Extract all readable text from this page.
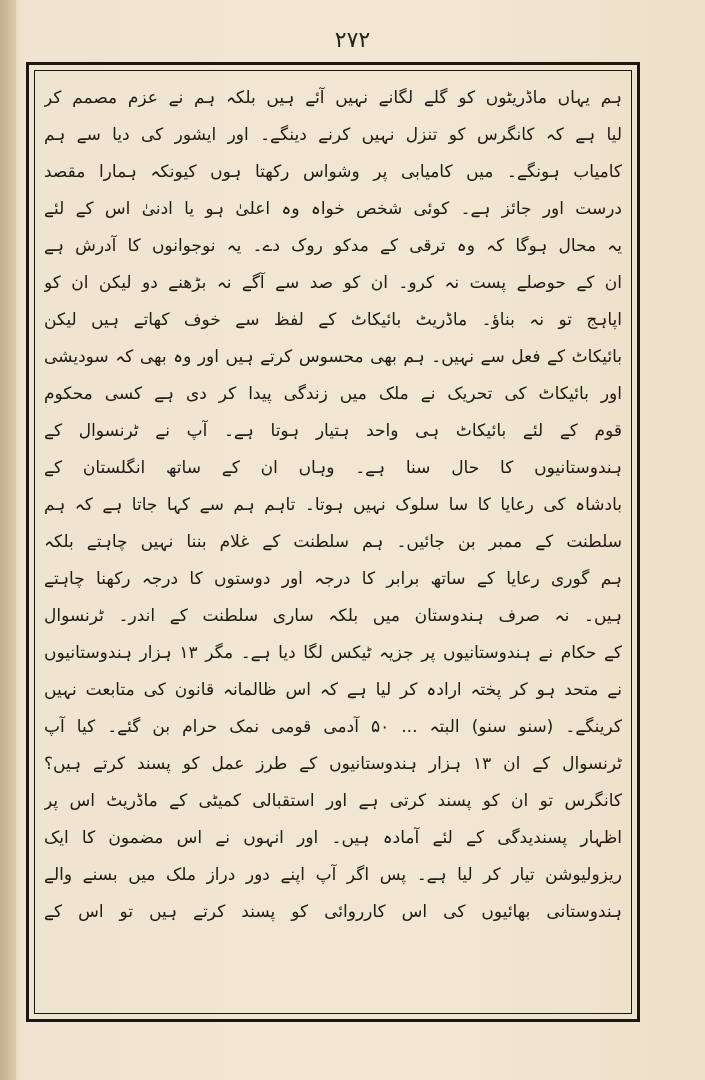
۲۷۲
ہم یہاں ماڈریٹوں کو گلے لگانے نہیں آئے ہیں بلکہ ہم نے عزم مصمم کر
لیا ہے کہ کانگرس کو تنزل نہیں کرنے دینگے۔ اور ایشور کی دیا سے ہم
کامیاب ہونگے۔ میں کامیابی پر وشواس رکھتا ہوں کیونکہ ہمارا مقصد
درست اور جائز ہے۔ کوئی شخص خواہ وہ اعلیٰ ہو یا ادنیٰ اس کے لئے
یہ محال ہوگا کہ وہ ترقی کے مدکو روک دے۔ یہ نوجوانوں کا آدرش ہے
ان کے حوصلے پست نہ کرو۔ ان کو صد سے آگے نہ بڑھنے دو لیکن ان کو
اپاہج تو نہ بناؤ۔ ماڈریٹ بائیکاٹ کے لفظ سے خوف کھاتے ہیں لیکن
بائیکاٹ کے فعل سے نہیں۔ ہم بھی محسوس کرتے ہیں اور وہ بھی کہ سودیشی
اور بائیکاٹ کی تحریک نے ملک میں زندگی پیدا کر دی ہے کسی محکوم
قوم کے لئے بائیکاٹ ہی واحد ہتیار ہوتا ہے۔ آپ نے ٹرنسوال کے
ہندوستانیوں کا حال سنا ہے۔ وہاں ان کے ساتھ انگلستان کے
بادشاہ کی رعایا کا سا سلوک نہیں ہوتا۔ تاہم ہم سے کہا جاتا ہے کہ ہم
سلطنت کے ممبر بن جائیں۔ ہم سلطنت کے غلام بننا نہیں چاہتے بلکہ
ہم گوری رعایا کے ساتھ برابر کا درجہ اور دوستوں کا درجہ رکھنا چاہتے
ہیں۔ نہ صرف ہندوستان میں بلکہ ساری سلطنت کے اندر۔ ٹرنسوال
کے حکام نے ہندوستانیوں پر جزیہ ٹیکس لگا دیا ہے۔ مگر ۱۳ ہزار ہندوستانیوں
نے متحد ہو کر پختہ ارادہ کر لیا ہے کہ اس ظالمانہ قانون کی متابعت نہیں
کرینگے۔ (سنو سنو) البتہ ... ۵۰ آدمی قومی نمک حرام بن گئے۔ کیا آپ
ٹرنسوال کے ان ۱۳ ہزار ہندوستانیوں کے طرز عمل کو پسند کرتے ہیں؟
کانگرس تو ان کو پسند کرتی ہے اور استقبالی کمیٹی کے ماڈریٹ اس پر
اظہار پسندیدگی کے لئے آمادہ ہیں۔ اور انہوں نے اس مضمون کا ایک
ریزولیوشن تیار کر لیا ہے۔ پس اگر آپ اپنے دور دراز ملک میں بسنے والے
ہندوستانی بھائیوں کی اس کارروائی کو پسند کرتے ہیں تو اس کے
